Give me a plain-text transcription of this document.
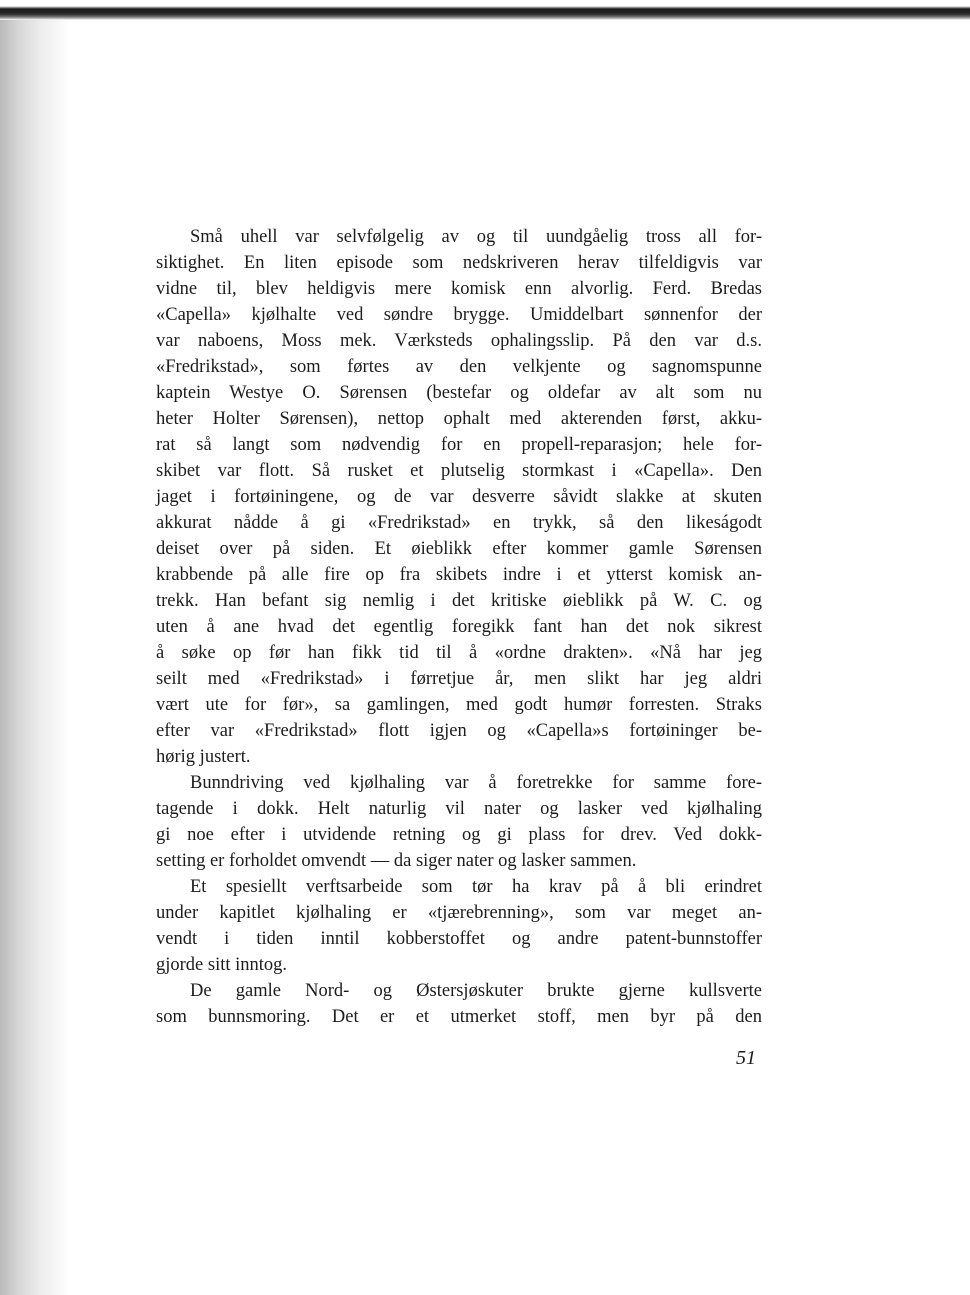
Små uhell var selvfølgelig av og til uundgåelig tross all for-
siktighet. En liten episode som nedskriveren herav tilfeldigvis var
vidne til, blev heldigvis mere komisk enn alvorlig. Ferd. Bredas
«Capella» kjølhalte ved søndre brygge. Umiddelbart sønnenfor der
var naboens, Moss mek. Værksteds ophalingsslip. På den var d.s.
«Fredrikstad», som førtes av den velkjente og sagnomspunne
kaptein Westye O. Sørensen (bestefar og oldefar av alt som nu
heter Holter Sørensen), nettop ophalt med akterenden først, akku-
rat så langt som nødvendig for en propell-reparasjon; hele for-
skibet var flott. Så rusket et plutselig stormkast i «Capella». Den
jaget i fortøiningene, og de var desverre såvidt slakke at skuten
akkurat nådde å gi «Fredrikstad» en trykk, så den likeságodt
deiset over på siden. Et øieblikk efter kommer gamle Sørensen
krabbende på alle fire op fra skibets indre i et ytterst komisk an-
trekk. Han befant sig nemlig i det kritiske øieblikk på W. C. og
uten å ane hvad det egentlig foregikk fant han det nok sikrest
å søke op før han fikk tid til å «ordne drakten». «Nå har jeg
seilt med «Fredrikstad» i førretjue år, men slikt har jeg aldri
vært ute for før», sa gamlingen, med godt humør forresten. Straks
efter var «Fredrikstad» flott igjen og «Capella»s fortøininger be-
hørig justert.
Bunndriving ved kjølhaling var å foretrekke for samme fore-
tagende i dokk. Helt naturlig vil nater og lasker ved kjølhaling
gi noe efter i utvidende retning og gi plass for drev. Ved dokk-
setting er forholdet omvendt — da siger nater og lasker sammen.
Et spesiellt verftsarbeide som tør ha krav på å bli erindret
under kapitlet kjølhaling er «tjærebrenning», som var meget an-
vendt i tiden inntil kobberstoffet og andre patent-bunnstoffer
gjorde sitt inntog.
De gamle Nord- og Østersjøskuter brukte gjerne kullsverte
som bunnsmoring. Det er et utmerket stoff, men byr på den
51
